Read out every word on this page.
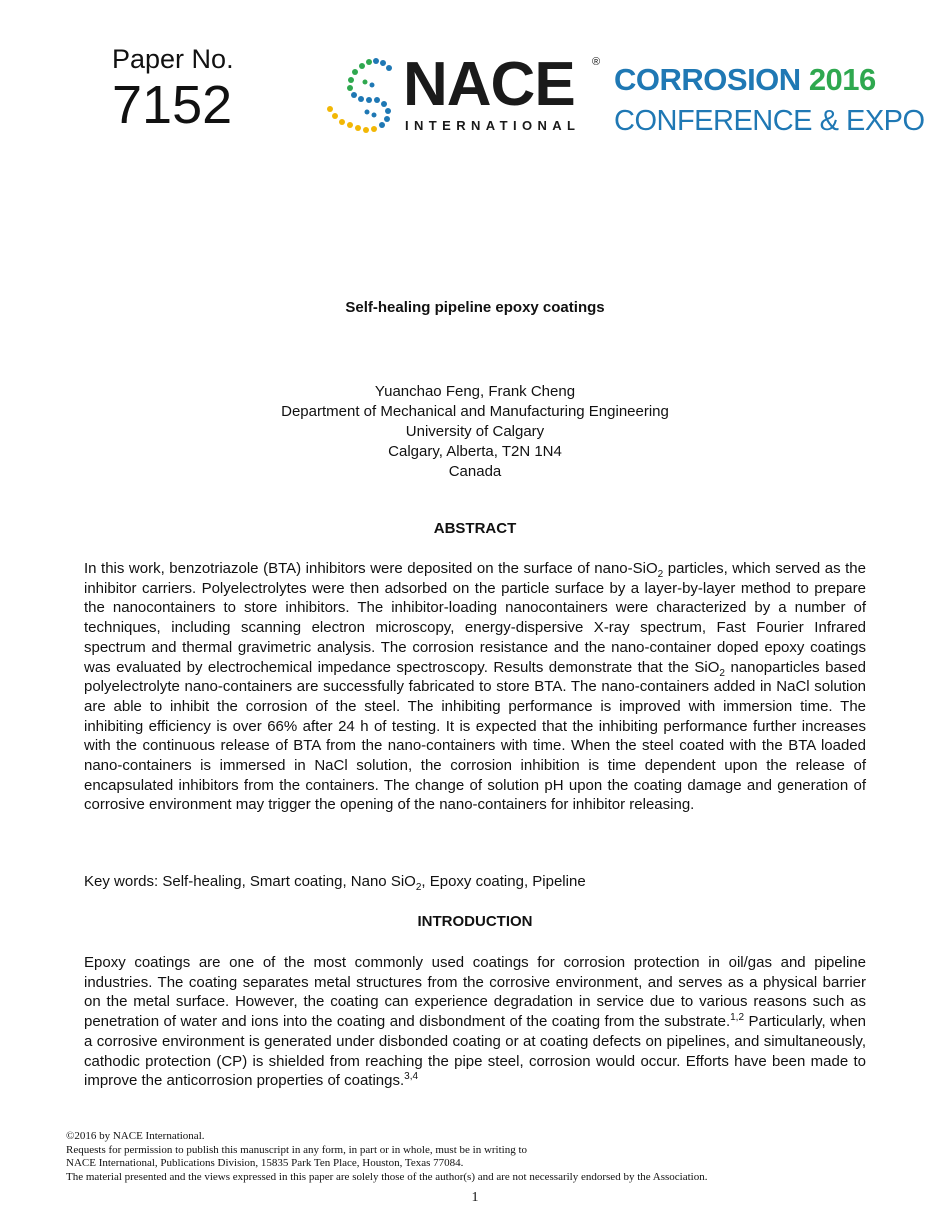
Paper No.
7152	NACE ®
INTERNATIONAL
CORROSION 2016
CONFERENCE & EXPO
Self-healing pipeline epoxy coatings
Yuanchao Feng, Frank Cheng
Department of Mechanical and Manufacturing Engineering
University of Calgary
Calgary, Alberta, T2N 1N4
Canada
ABSTRACT
In this work, benzotriazole (BTA) inhibitors were deposited on the surface of nano-SiO$_2$ particles, which served as the inhibitor carriers. Polyelectrolytes were then adsorbed on the particle surface by a layer-by-layer method to prepare the nanocontainers to store inhibitors. The inhibitor-loading nanocontainers were characterized by a number of techniques, including scanning electron microscopy, energy-dispersive X-ray spectrum, Fast Fourier Infrared spectrum and thermal gravimetric analysis. The corrosion resistance and the nano-container doped epoxy coatings was evaluated by electrochemical impedance spectroscopy. Results demonstrate that the SiO$_2$ nanoparticles based polyelectrolyte nano-containers are successfully fabricated to store BTA. The nano-containers added in NaCl solution are able to inhibit the corrosion of the steel. The inhibiting performance is improved with immersion time. The inhibiting efficiency is over 66% after 24 h of testing. It is expected that the inhibiting performance further increases with the continuous release of BTA from the nano-containers with time. When the steel coated with the BTA loaded nano-containers is immersed in NaCl solution, the corrosion inhibition is time dependent upon the release of encapsulated inhibitors from the containers. The change of solution pH upon the coating damage and generation of corrosive environment may trigger the opening of the nano-containers for inhibitor releasing.
Key words: Self-healing, Smart coating, Nano SiO$_2$, Epoxy coating, Pipeline
INTRODUCTION
Epoxy coatings are one of the most commonly used coatings for corrosion protection in oil/gas and pipeline industries. The coating separates metal structures from the corrosive environment, and serves as a physical barrier on the metal surface. However, the coating can experience degradation in service due to various reasons such as penetration of water and ions into the coating and disbondment of the coating from the substrate.$^{1,2}$ Particularly, when a corrosive environment is generated under disbonded coating or at coating defects on pipelines, and simultaneously, cathodic protection (CP) is shielded from reaching the pipe steel, corrosion would occur. Efforts have been made to improve the anticorrosion properties of coatings.$^{3,4}$
©2016 by NACE International.
Requests for permission to publish this manuscript in any form, in part or in whole, must be in writing to
NACE International, Publications Division, 15835 Park Ten Place, Houston, Texas 77084.
The material presented and the views expressed in this paper are solely those of the author(s) and are not necessarily endorsed by the Association.
1
